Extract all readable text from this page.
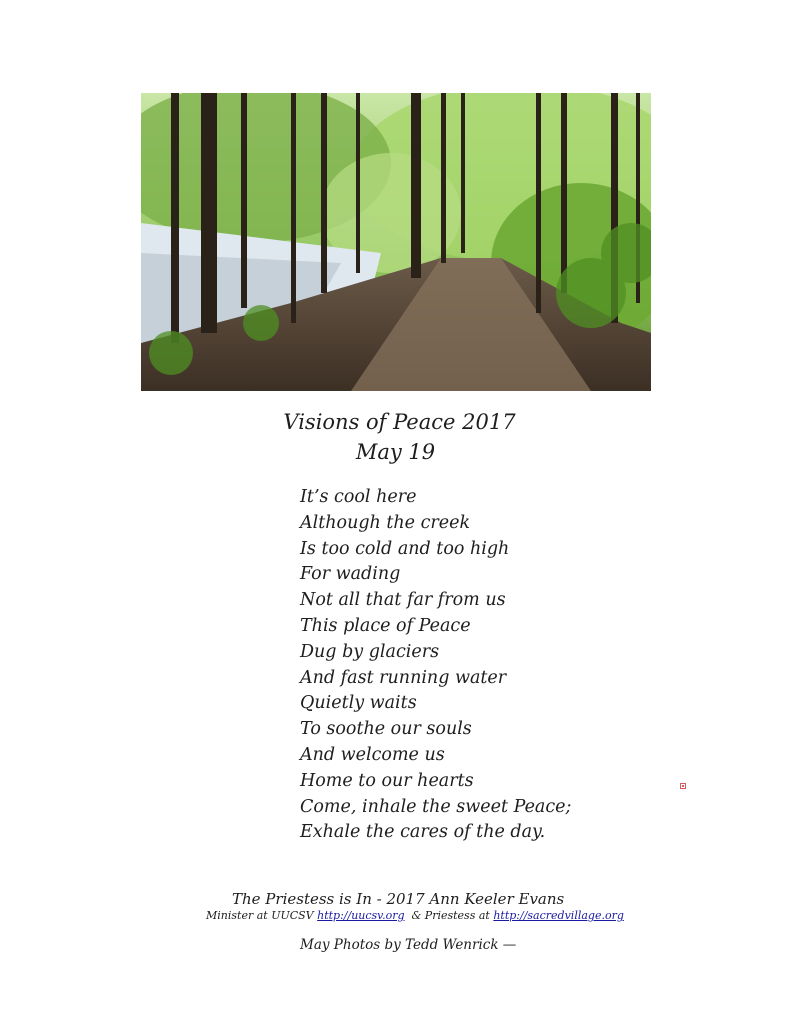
Visions of Peace 2017
May 19
It’s cool here
Although the creek
Is too cold and too high
For wading
Not all that far from us
This place of Peace
Dug by glaciers
And fast running water
Quietly waits
To soothe our souls
And welcome us
Home to our hearts
Come, inhale the sweet Peace;
Exhale the cares of the day.
The Priestess is In - 2017 Ann Keeler Evans
Minister at UUCSV http://uucsv.org  & Priestess at http://sacredvillage.org
May Photos by Tedd Wenrick —
